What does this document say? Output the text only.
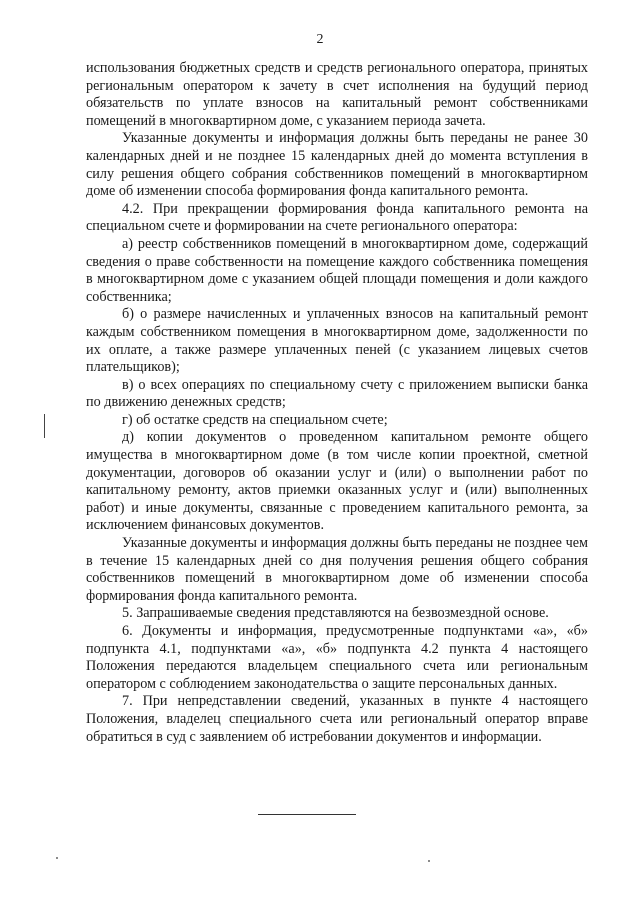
2

использования бюджетных средств и средств регионального оператора, принятых региональным оператором к зачету в счет исполнения на будущий период обязательств по уплате взносов на капитальный ремонт собственниками помещений в многоквартирном доме, с указанием периода зачета.

Указанные документы и информация должны быть переданы не ранее 30 календарных дней и не позднее 15 календарных дней до момента вступления в силу решения общего собрания собственников помещений в многоквартирном доме об изменении способа формирования фонда капитального ремонта.

4.2. При прекращении формирования фонда капитального ремонта на специальном счете и формировании на счете регионального оператора:

а) реестр собственников помещений в многоквартирном доме, содержащий сведения о праве собственности на помещение каждого собственника помещения в многоквартирном доме с указанием общей площади помещения и доли каждого собственника;

б) о размере начисленных и уплаченных взносов на капитальный ремонт каждым собственником помещения в многоквартирном доме, задолженности по их оплате, а также размере уплаченных пеней (с указанием лицевых счетов плательщиков);

в) о всех операциях по специальному счету с приложением выписки банка по движению денежных средств;

г) об остатке средств на специальном счете;

д) копии документов о проведенном капитальном ремонте общего имущества в многоквартирном доме (в том числе копии проектной, сметной документации, договоров об оказании услуг и (или) о выполнении работ по капитальному ремонту, актов приемки оказанных услуг и (или) выполненных работ) и иные документы, связанные с проведением капитального ремонта, за исключением финансовых документов.

Указанные документы и информация должны быть переданы не позднее чем в течение 15 календарных дней со дня получения решения общего собрания собственников помещений в многоквартирном доме об изменении способа формирования фонда капитального ремонта.

5. Запрашиваемые сведения представляются на безвозмездной основе.

6. Документы и информация, предусмотренные подпунктами «а», «б» подпункта 4.1, подпунктами «а», «б» подпункта 4.2 пункта 4 настоящего Положения передаются владельцем специального счета или региональным оператором с соблюдением законодательства о защите персональных данных.

7. При непредставлении сведений, указанных в пункте 4 настоящего Положения, владелец специального счета или региональный оператор вправе обратиться в суд с заявлением об истребовании документов и информации.
